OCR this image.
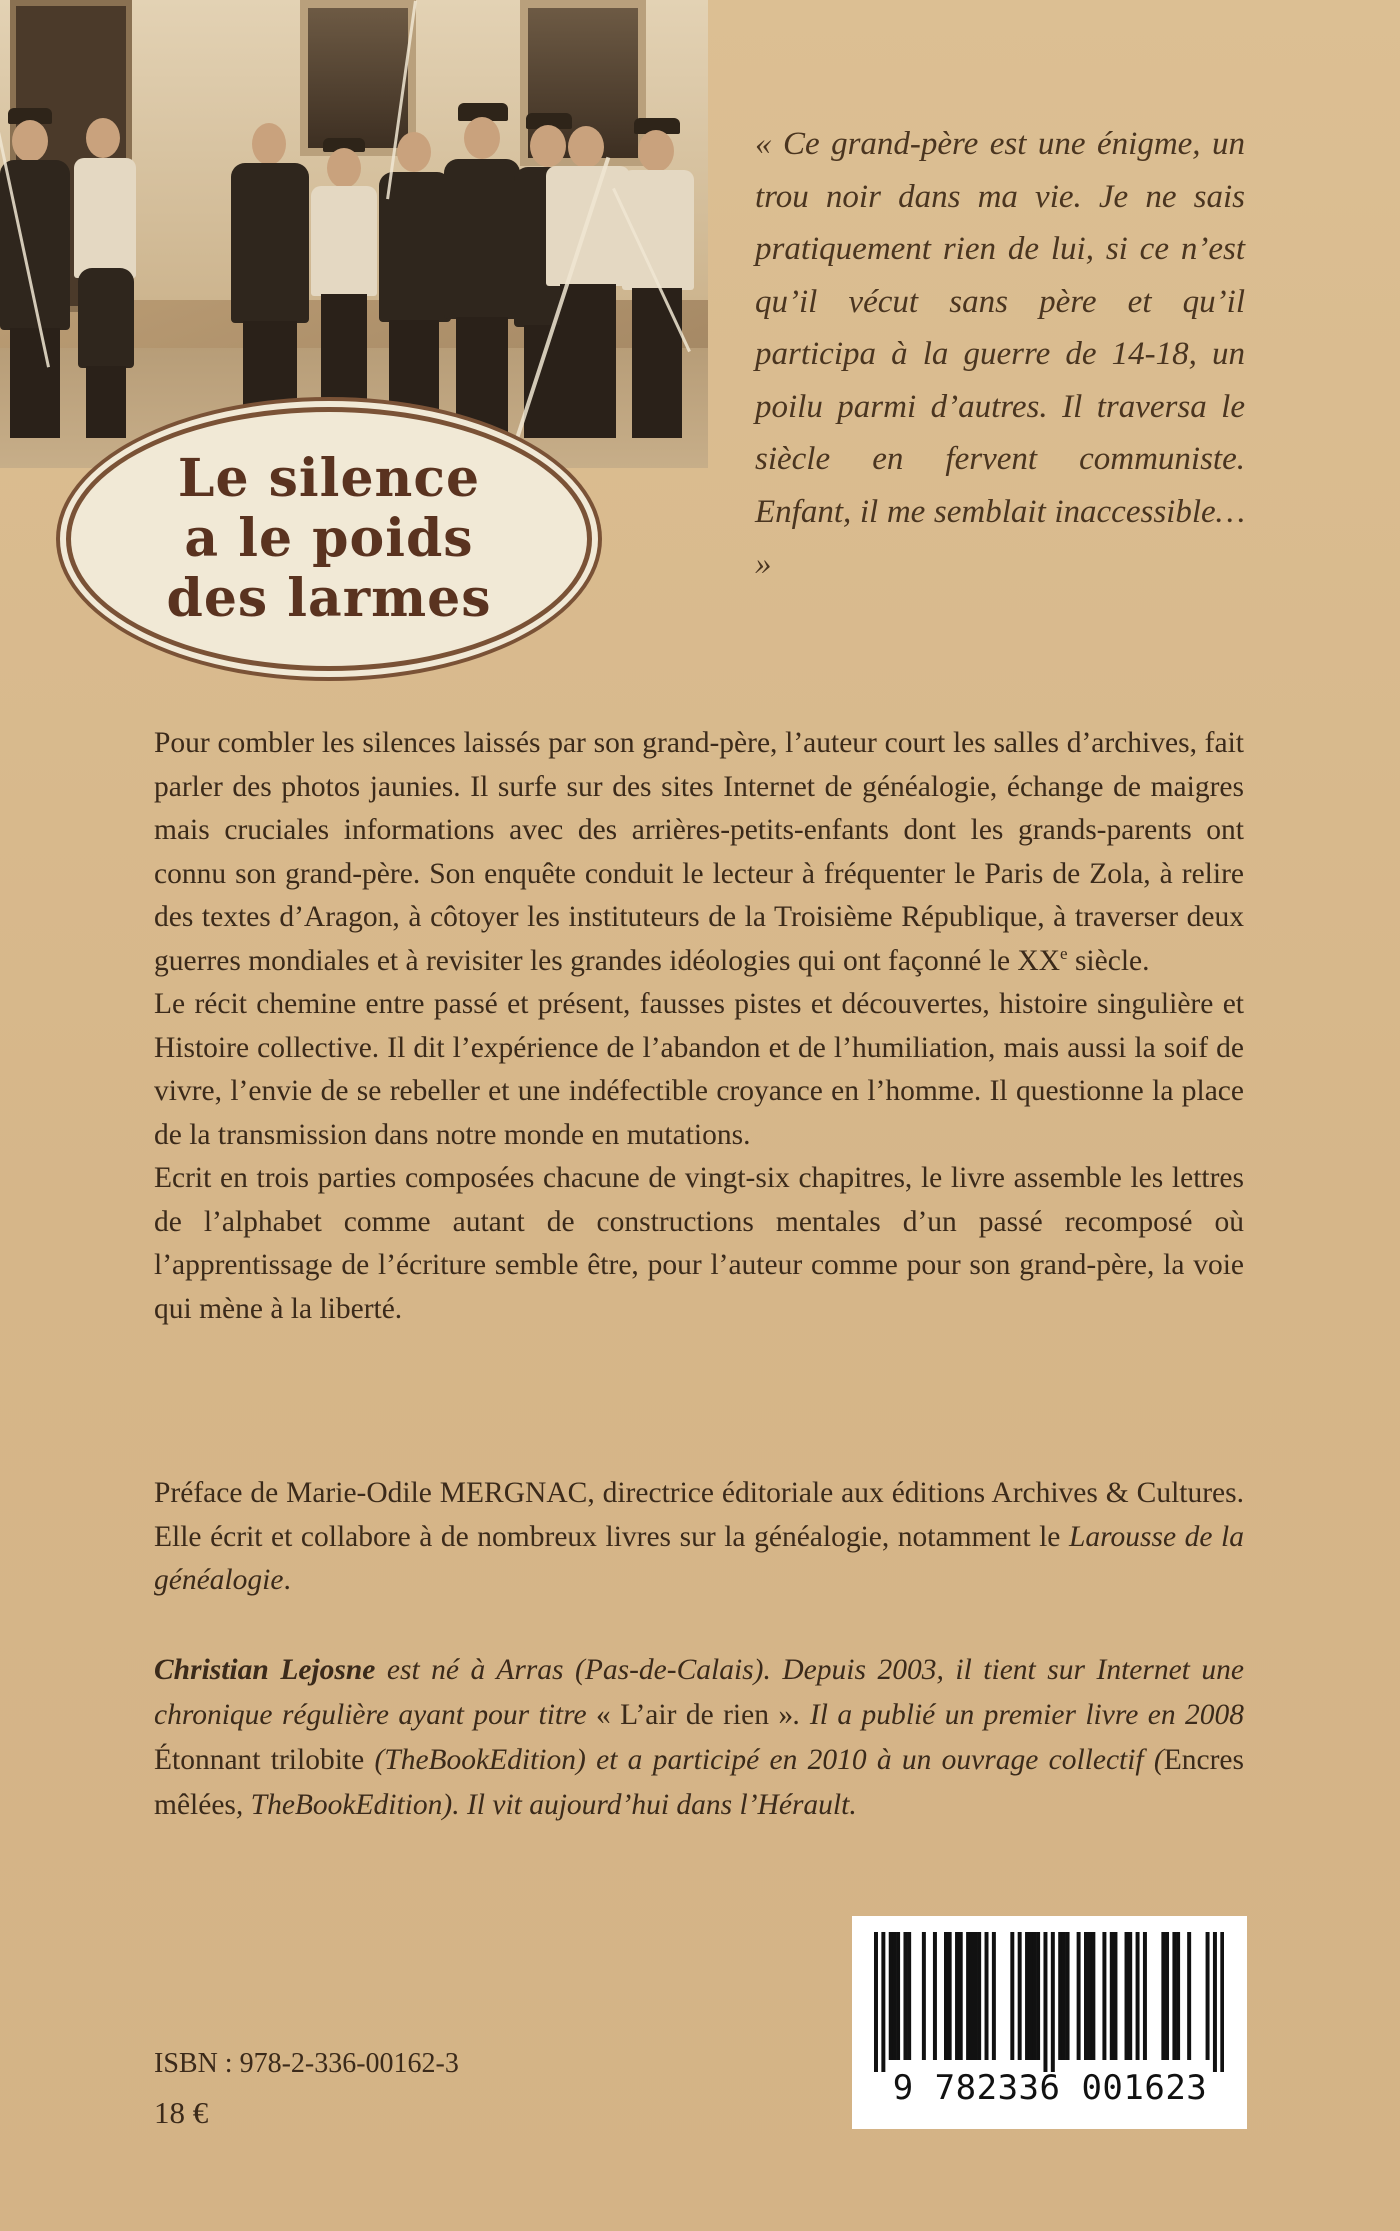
Le silence
a le poids
des larmes
« Ce grand-père est une énigme, un trou noir dans ma vie. Je ne sais pratiquement rien de lui, si ce n’est qu’il vécut sans père et qu’il participa à la guerre de 14-18, un poilu parmi d’autres. Il traversa le siècle en fervent communiste. Enfant, il me semblait inaccessible… »

Pour combler les silences laissés par son grand-père, l’auteur court les salles d’archives, fait parler des photos jaunies. Il surfe sur des sites Internet de généalogie, échange de maigres mais cruciales informations avec des arrières-petits-enfants dont les grands-parents ont connu son grand-père. Son enquête conduit le lecteur à fréquenter le Paris de Zola, à relire des textes d’Aragon, à côtoyer les instituteurs de la Troisième République, à traverser deux guerres mondiales et à revisiter les grandes idéologies qui ont façonné le XXe siècle.

Le récit chemine entre passé et présent, fausses pistes et découvertes, histoire singulière et Histoire collective. Il dit l’expérience de l’abandon et de l’humiliation, mais aussi la soif de vivre, l’envie de se rebeller et une indéfectible croyance en l’homme. Il questionne la place de la transmission dans notre monde en mutations.

Ecrit en trois parties composées chacune de vingt-six chapitres, le livre assemble les lettres de l’alphabet comme autant de constructions mentales d’un passé recomposé où l’apprentissage de l’écriture semble être, pour l’auteur comme pour son grand-père, la voie qui mène à la liberté.

Préface de Marie-Odile MERGNAC, directrice éditoriale aux éditions Archives & Cultures. Elle écrit et collabore à de nombreux livres sur la généalogie, notamment le Larousse de la généalogie.
Christian Lejosne est né à Arras (Pas-de-Calais). Depuis 2003, il tient sur Internet une chronique régulière ayant pour titre « L’air de rien ». Il a publié un premier livre en 2008 Étonnant trilobite (TheBookEdition) et a participé en 2010 à un ouvrage collectif (Encres mêlées, TheBookEdition). Il vit aujourd’hui dans l’Hérault.
ISBN : 978-2-336-00162-3
18 €
9 782336 001623
